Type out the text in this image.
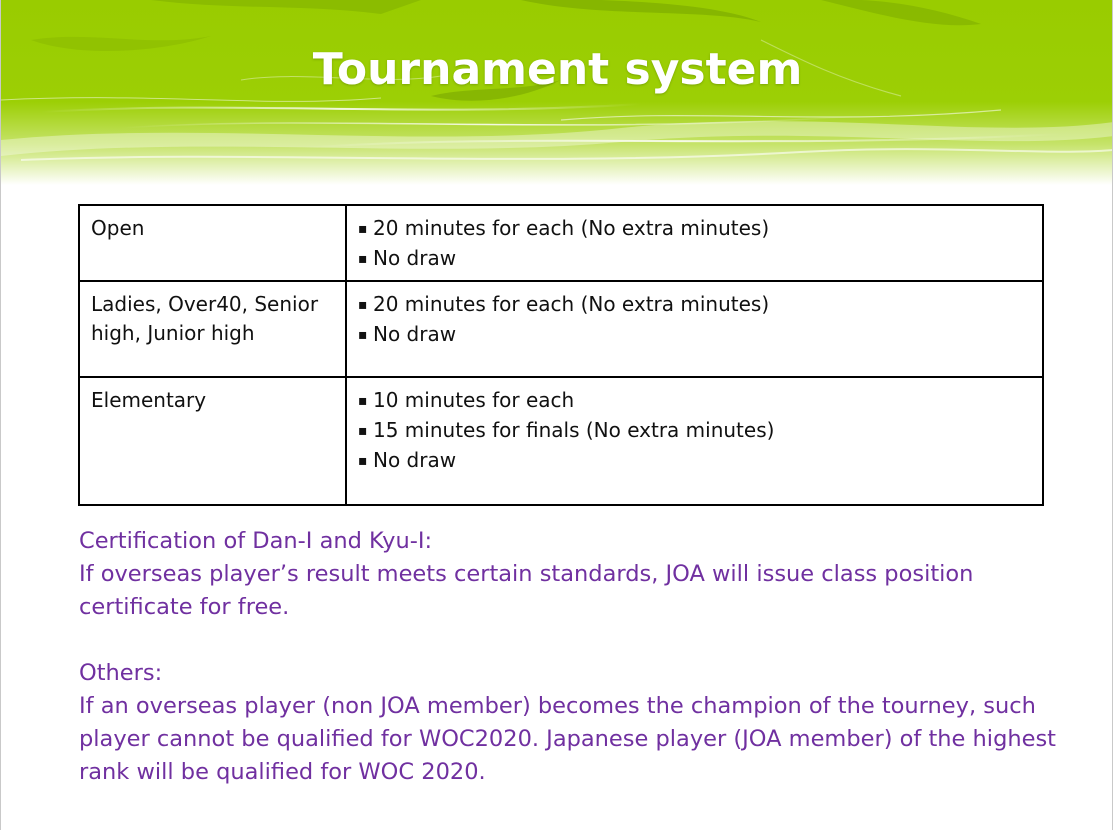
Tournament system
Open	▪ 20 minutes for each (No extra minutes)
▪ No draw

Ladies, Over40, Senior high, Junior high	▪ 20 minutes for each (No extra minutes)
▪ No draw

Elementary	▪ 10 minutes for each
▪ 15 minutes for finals (No extra minutes)
▪ No draw

Certification of Dan-I and Kyu-I:

If overseas player’s result meets certain standards, JOA will issue class position certificate for free.

Others:

If an overseas player (non JOA member) becomes the champion of the tourney, such player cannot be qualified for WOC2020. Japanese player (JOA member) of the highest rank will be qualified for WOC 2020.
